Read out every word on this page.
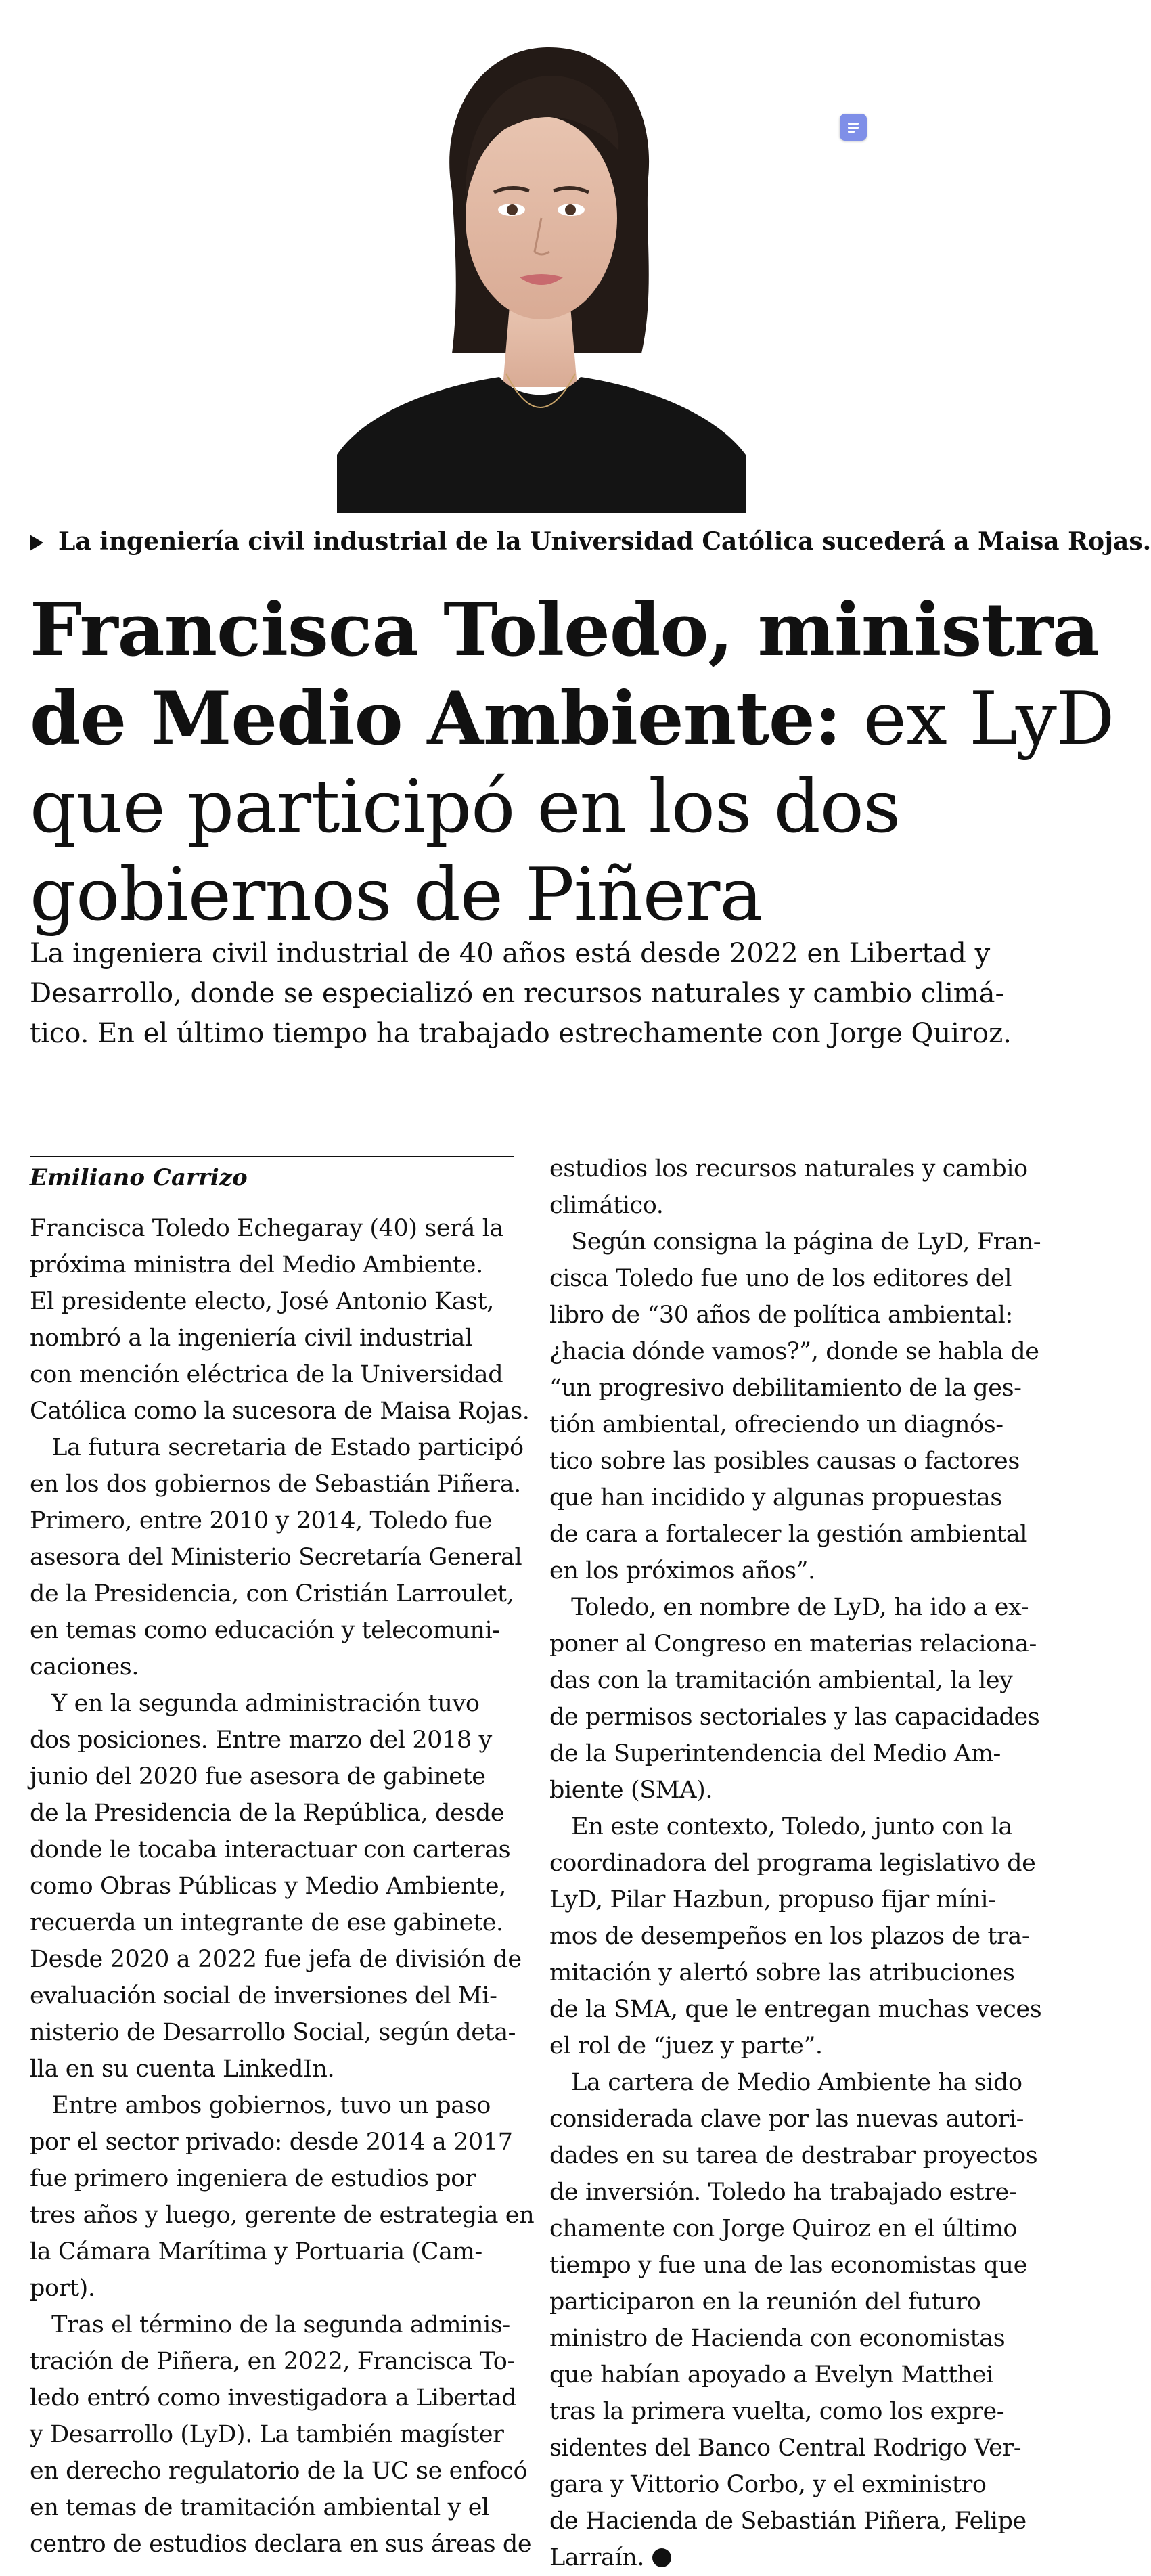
La ingeniería civil industrial de la Universidad Católica sucederá a Maisa Rojas.
Francisca Toledo, ministra
de Medio Ambiente: ex LyD
que participó en los dos
gobiernos de Piñera
La ingeniera civil industrial de 40 años está desde 2022 en Libertad y
Desarrollo, donde se especializó en recursos naturales y cambio climá-
tico. En el último tiempo ha trabajado estrechamente con Jorge Quiroz.
Emiliano Carrizo

Francisca Toledo Echegaray (40) será la

próxima ministra del Medio Ambiente.

El presidente electo, José Antonio Kast,

nombró a la ingeniería civil industrial

con mención eléctrica de la Universidad

Católica como la sucesora de Maisa Rojas.

La futura secretaria de Estado participó

en los dos gobiernos de Sebastián Piñera.

Primero, entre 2010 y 2014, Toledo fue

asesora del Ministerio Secretaría General

de la Presidencia, con Cristián Larroulet,

en temas como educación y telecomuni-

caciones.

Y en la segunda administración tuvo

dos posiciones. Entre marzo del 2018 y

junio del 2020 fue asesora de gabinete

de la Presidencia de la República, desde

donde le tocaba interactuar con carteras

como Obras Públicas y Medio Ambiente,

recuerda un integrante de ese gabinete.

Desde 2020 a 2022 fue jefa de división de

evaluación social de inversiones del Mi-

nisterio de Desarrollo Social, según deta-

lla en su cuenta LinkedIn.

Entre ambos gobiernos, tuvo un paso

por el sector privado: desde 2014 a 2017

fue primero ingeniera de estudios por

tres años y luego, gerente de estrategia en

la Cámara Marítima y Portuaria (Cam-

port).

Tras el término de la segunda adminis-

tración de Piñera, en 2022, Francisca To-

ledo entró como investigadora a Libertad

y Desarrollo (LyD). La también magíster

en derecho regulatorio de la UC se enfocó

en temas de tramitación ambiental y el

centro de estudios declara en sus áreas de

estudios los recursos naturales y cambio

climático.

Según consigna la página de LyD, Fran-

cisca Toledo fue uno de los editores del

libro de “30 años de política ambiental:

¿hacia dónde vamos?”, donde se habla de

“un progresivo debilitamiento de la ges-

tión ambiental, ofreciendo un diagnós-

tico sobre las posibles causas o factores

que han incidido y algunas propuestas

de cara a fortalecer la gestión ambiental

en los próximos años”.

Toledo, en nombre de LyD, ha ido a ex-

poner al Congreso en materias relaciona-

das con la tramitación ambiental, la ley

de permisos sectoriales y las capacidades

de la Superintendencia del Medio Am-

biente (SMA).

En este contexto, Toledo, junto con la

coordinadora del programa legislativo de

LyD, Pilar Hazbun, propuso fijar míni-

mos de desempeños en los plazos de tra-

mitación y alertó sobre las atribuciones

de la SMA, que le entregan muchas veces

el rol de “juez y parte”.

La cartera de Medio Ambiente ha sido

considerada clave por las nuevas autori-

dades en su tarea de destrabar proyectos

de inversión. Toledo ha trabajado estre-

chamente con Jorge Quiroz en el último

tiempo y fue una de las economistas que

participaron en la reunión del futuro

ministro de Hacienda con economistas

que habían apoyado a Evelyn Matthei

tras la primera vuelta, como los expre-

sidentes del Banco Central Rodrigo Ver-

gara y Vittorio Corbo, y el exministro

de Hacienda de Sebastián Piñera, Felipe

Larraín.
